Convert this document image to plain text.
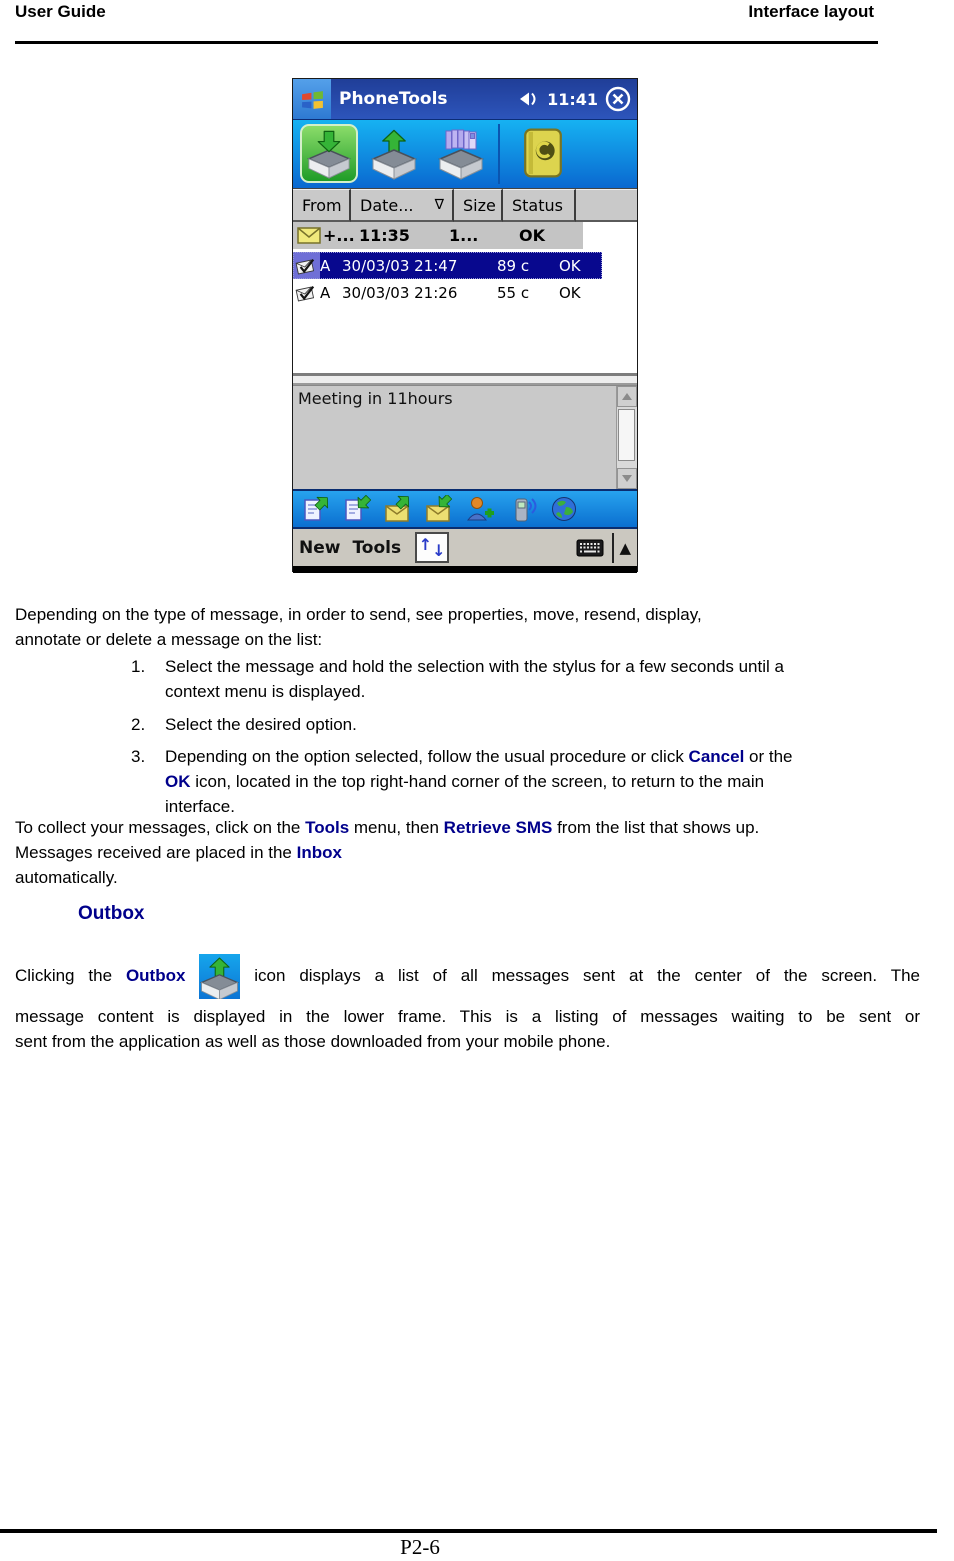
User Guide	Interface layout
PhoneTools	11:41
From Date... ∇ Size Status
+... 11:35	1...	OK
A 30/03/03 21:47	89 c	OK
A 30/03/03 21:26	55 c	OK
Meeting in 11hours
New Tools ↑ ↓	▲
Depending on the type of message, in order to send, see properties, move, resend, display,
annotate or delete a message on the list:
1. Select the message and hold the selection with the stylus for a few seconds until a
context menu is displayed.
2. Select the desired option.
3. Depending on the option selected, follow the usual procedure or click Cancel or the
OK icon, located in the top right-hand corner of the screen, to return to the main
interface.
To collect your messages, click on the Tools menu, then Retrieve SMS from the list that shows up.
Messages received are placed in the Inbox
automatically.
Outbox
Clicking the Outbox	icon displays a list of all messages sent at the center of the screen. The
message content is displayed in the lower frame. This is a listing of messages waiting to be sent or
sent from the application as well as those downloaded from your mobile phone.
P2-6
